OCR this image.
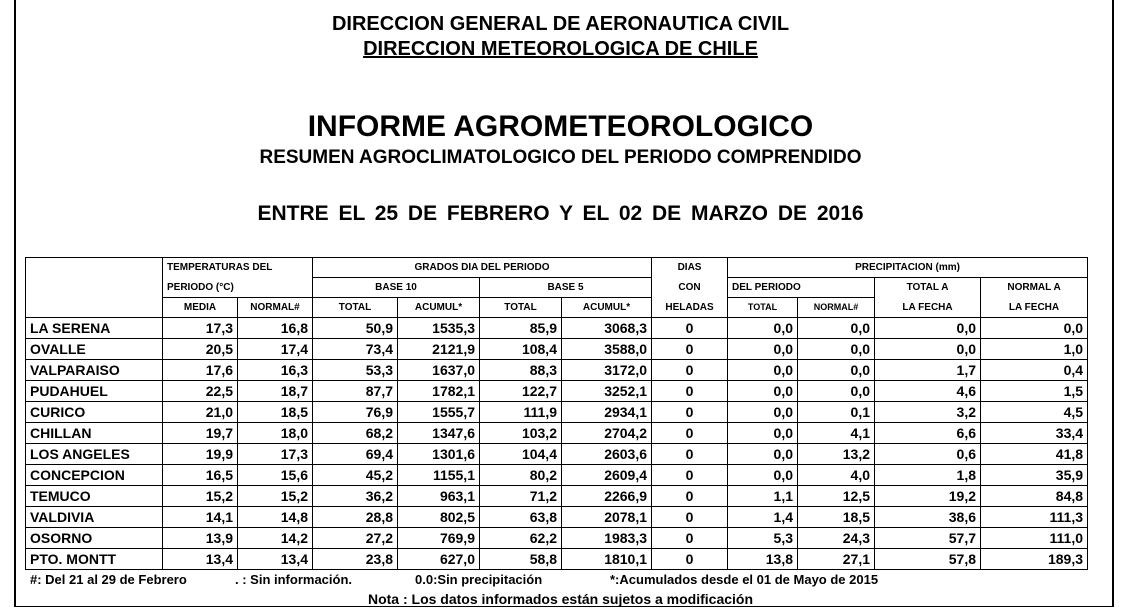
DIRECCION GENERAL DE AERONAUTICA CIVIL
DIRECCION METEOROLOGICA DE CHILE
INFORME AGROMETEOROLOGICO
RESUMEN AGROCLIMATOLOGICO DEL PERIODO COMPRENDIDO
ENTRE EL 25 DE FEBRERO Y EL 02 DE MARZO DE 2016
	TEMPERATURAS DEL		GRADOS DIA DEL PERIODO				DIAS	PRECIPITACION (mm)			
	PERIODO (°C)		BASE 10		BASE 5		CON	DEL PERIODO		TOTAL A	NORMAL A
	MEDIA	NORMAL#	TOTAL	ACUMUL*	TOTAL	ACUMUL*	HELADAS	TOTAL	NORMAL#	LA FECHA	LA FECHA
LA SERENA	17,3	16,8	50,9	1535,3	85,9	3068,3	0	0,0	0,0	0,0	0,0
OVALLE	20,5	17,4	73,4	2121,9	108,4	3588,0	0	0,0	0,0	0,0	1,0
VALPARAISO	17,6	16,3	53,3	1637,0	88,3	3172,0	0	0,0	0,0	1,7	0,4
PUDAHUEL	22,5	18,7	87,7	1782,1	122,7	3252,1	0	0,0	0,0	4,6	1,5
CURICO	21,0	18,5	76,9	1555,7	111,9	2934,1	0	0,0	0,1	3,2	4,5
CHILLAN	19,7	18,0	68,2	1347,6	103,2	2704,2	0	0,0	4,1	6,6	33,4
LOS ANGELES	19,9	17,3	69,4	1301,6	104,4	2603,6	0	0,0	13,2	0,6	41,8
CONCEPCION	16,5	15,6	45,2	1155,1	80,2	2609,4	0	0,0	4,0	1,8	35,9
TEMUCO	15,2	15,2	36,2	963,1	71,2	2266,9	0	1,1	12,5	19,2	84,8
VALDIVIA	14,1	14,8	28,8	802,5	63,8	2078,1	0	1,4	18,5	38,6	111,3
OSORNO	13,9	14,2	27,2	769,9	62,2	1983,3	0	5,3	24,3	57,7	111,0
PTO. MONTT	13,4	13,4	23,8	627,0	58,8	1810,1	0	13,8	27,1	57,8	189,3
#: Del 21 al 29 de Febrero	. : Sin información.	0.0:Sin precipitación	*:Acumulados desde el 01 de Mayo de 2015
Nota : Los datos informados están sujetos a modificación
